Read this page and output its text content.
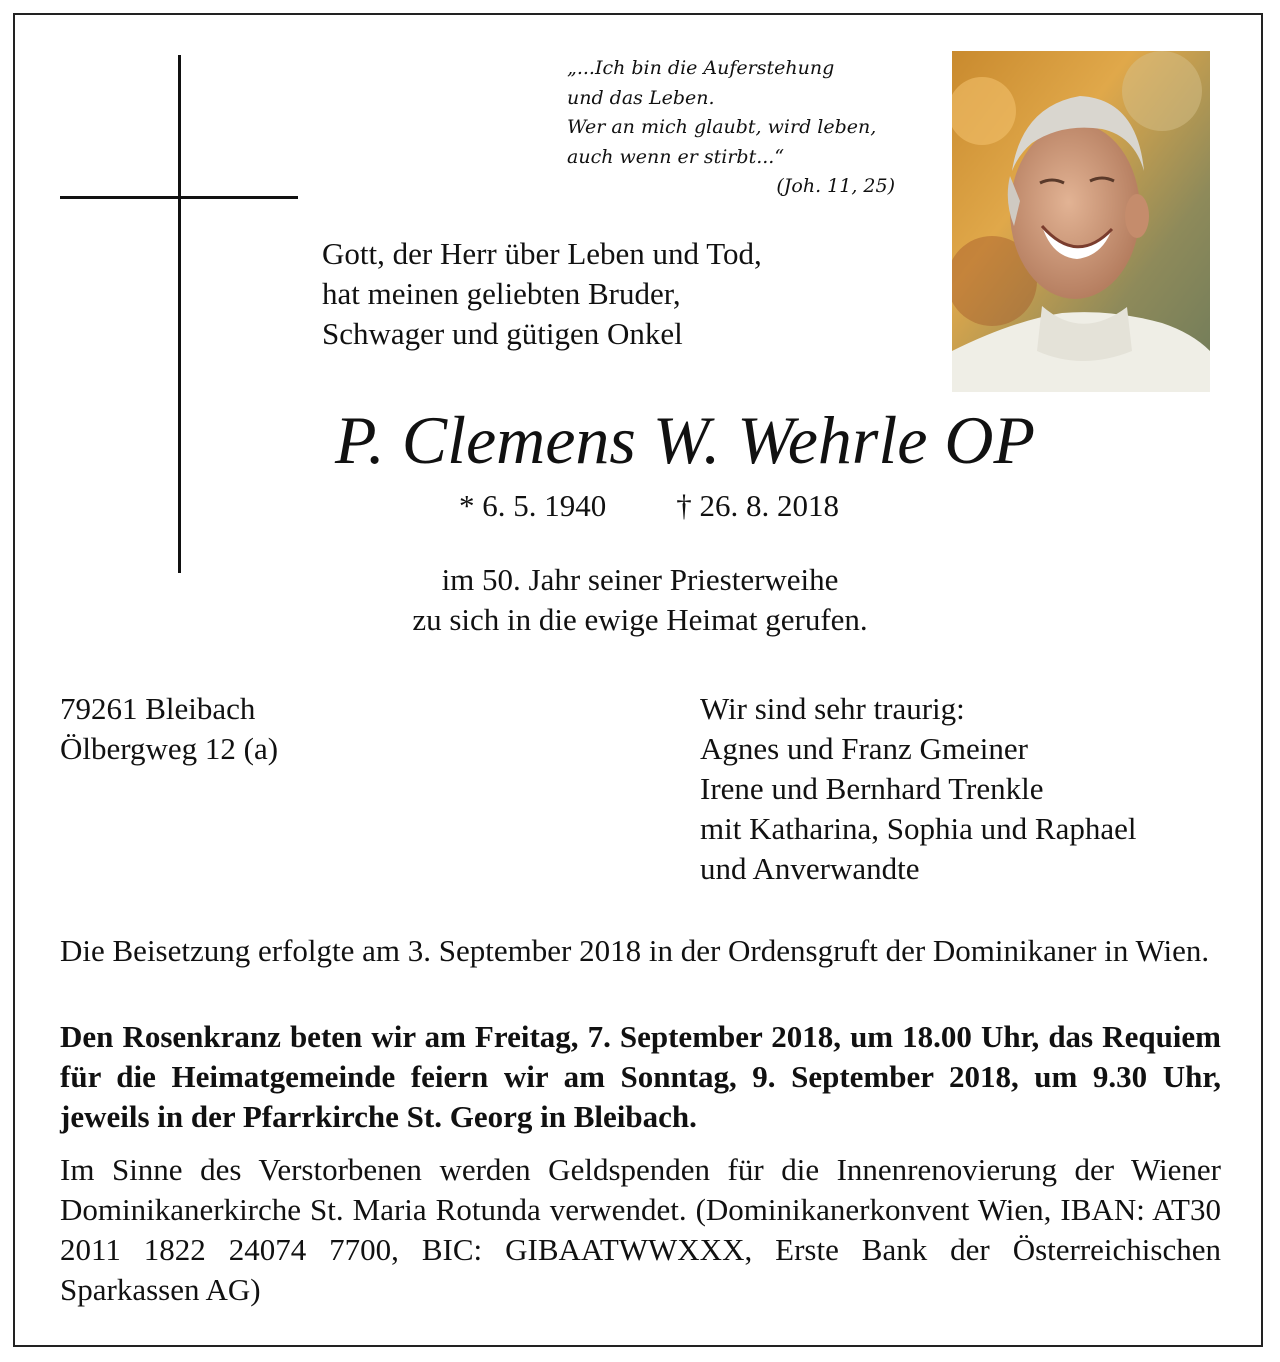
„...Ich bin die Auferstehung
und das Leben.
Wer an mich glaubt, wird leben,
auch wenn er stirbt...“
(Joh. 11, 25)
Gott, der Herr über Leben und Tod,
hat meinen geliebten Bruder,
Schwager und gütigen Onkel
P. Clemens W. Wehrle OP
* 6. 5. 1940 † 26. 8. 2018
im 50. Jahr seiner Priesterweihe
zu sich in die ewige Heimat gerufen.
79261 Bleibach
Ölbergweg 12 (a)
Wir sind sehr traurig:
Agnes und Franz Gmeiner
Irene und Bernhard Trenkle
mit Katharina, Sophia und Raphael
und Anverwandte
Die Beisetzung erfolgte am 3. September 2018 in der Ordensgruft der Dominikaner in Wien.
Den Rosenkranz beten wir am Freitag, 7. September 2018, um 18.00 Uhr, das Requiem für die Heimatgemeinde feiern wir am Sonntag, 9. September 2018, um 9.30 Uhr, jeweils in der Pfarrkirche St. Georg in Bleibach.
Im Sinne des Verstorbenen werden Geldspenden für die Innenrenovierung der Wiener Dominikanerkirche St. Maria Rotunda verwendet. (Dominikanerkonvent Wien, IBAN: AT30 2011 1822 24074 7700, BIC: GIBAATWWXXX, Erste Bank der Österreichischen Sparkassen AG)
